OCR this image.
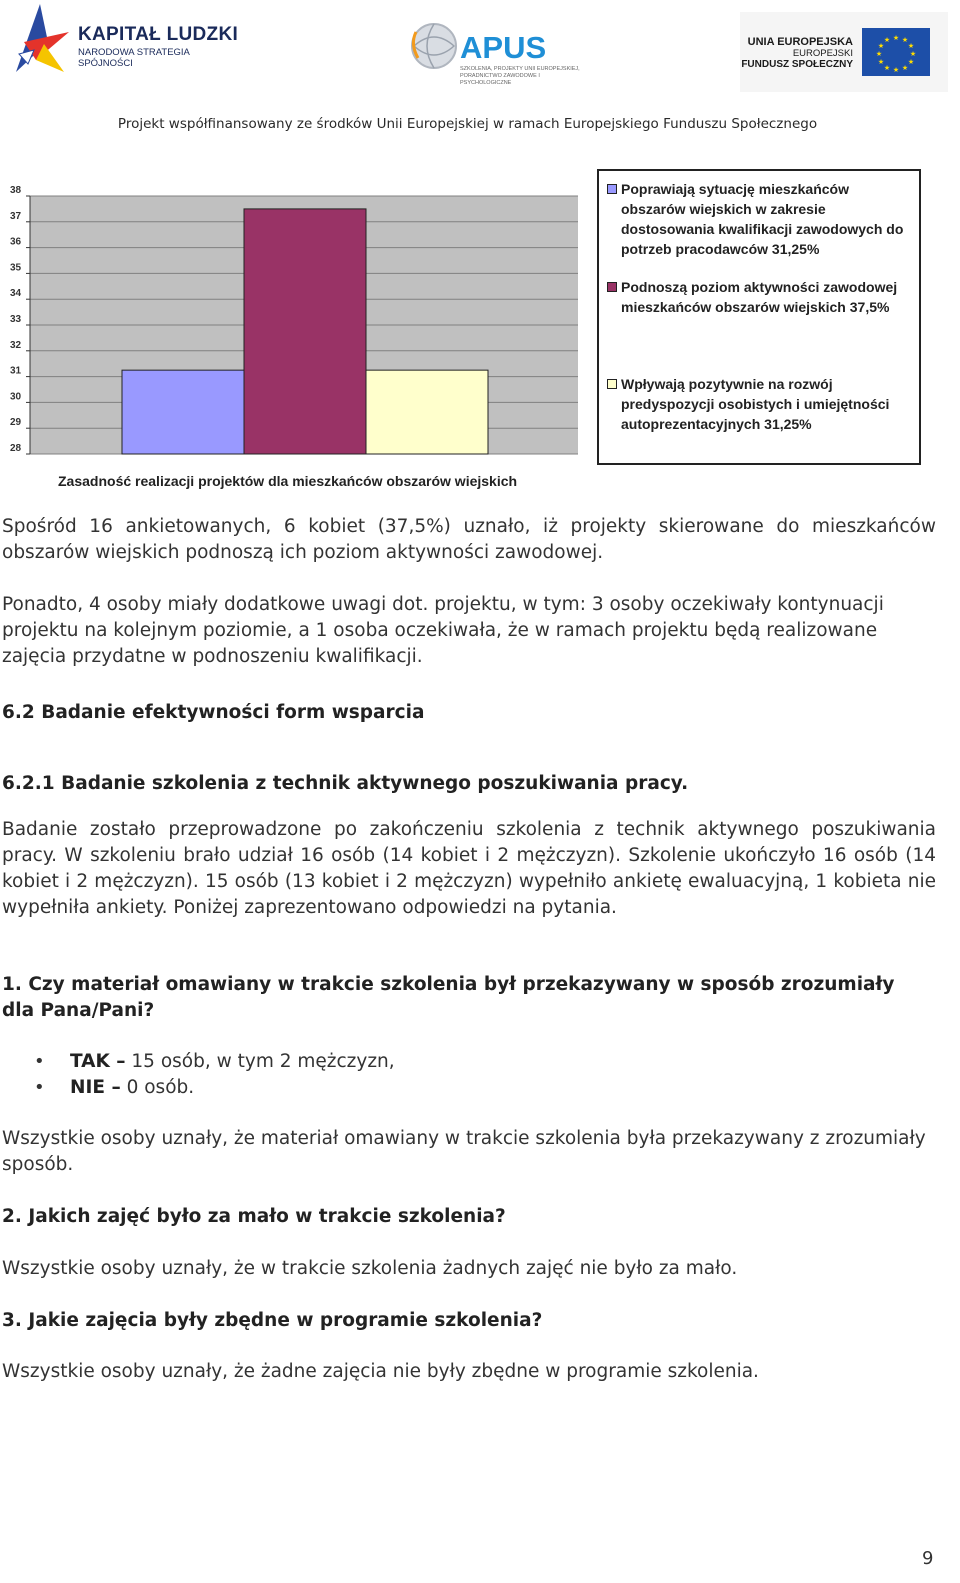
KAPITAŁ LUDZKI
NARODOWA STRATEGIA SPÓJNOŚCI	APUS
SZKOLENIA, PROJEKTY UNII EUROPEJSKIEJ, PORADNICTWO ZAWODOWE I PSYCHOLOGICZNE
UNIA EUROPEJSKA
EUROPEJSKI
FUNDUSZ SPOŁECZNY
★ ★
★
★
★
★
★
★
★
★
★
★
Projekt współfinansowany ze środków Unii Europejskiej w ramach Europejskiego Funduszu Społecznego
38
37
36
35
34
33
32
31
30
29
28
Poprawiają sytuację mieszkańców obszarów wiejskich w zakresie dostosowania kwalifikacji zawodowych do potrzeb pracodawców 31,25%
Podnoszą poziom aktywności zawodowej mieszkańców obszarów wiejskich 37,5%
Wpływają pozytywnie na rozwój predyspozycji osobistych i umiejętności autoprezentacyjnych 31,25%
Zasadność realizacji projektów dla mieszkańców obszarów wiejskich
Spośród 16 ankietowanych, 6 kobiet (37,5%) uznało, iż projekty skierowane do mieszkańców obszarów wiejskich podnoszą ich poziom aktywności zawodowej.
Ponadto, 4 osoby miały dodatkowe uwagi dot. projektu, w tym: 3 osoby oczekiwały kontynuacji projektu na kolejnym poziomie, a 1 osoba oczekiwała, że w ramach projektu będą realizowane zajęcia przydatne w podnoszeniu kwalifikacji.
6.2 Badanie efektywności form wsparcia
6.2.1 Badanie szkolenia z technik aktywnego poszukiwania pracy.
Badanie zostało przeprowadzone po zakończeniu szkolenia z technik aktywnego poszukiwania pracy. W szkoleniu brało udział 16 osób (14 kobiet i 2 mężczyzn). Szkolenie ukończyło 16 osób (14 kobiet i 2 mężczyzn). 15 osób (13 kobiet i 2 mężczyzn) wypełniło ankietę ewaluacyjną, 1 kobieta nie wypełniła ankiety. Poniżej zaprezentowano odpowiedzi na pytania.
1. Czy materiał omawiany w trakcie szkolenia był przekazywany w sposób zrozumiały dla Pana/Pani?
• TAK – 15 osób, w tym 2 mężczyzn,
• NIE – 0 osób.
Wszystkie osoby uznały, że materiał omawiany w trakcie szkolenia była przekazywany z zrozumiały sposób.
2. Jakich zajęć było za mało w trakcie szkolenia?
Wszystkie osoby uznały, że w trakcie szkolenia żadnych zajęć nie było za mało.
3. Jakie zajęcia były zbędne w programie szkolenia?
Wszystkie osoby uznały, że żadne zajęcia nie były zbędne w programie szkolenia.
9
